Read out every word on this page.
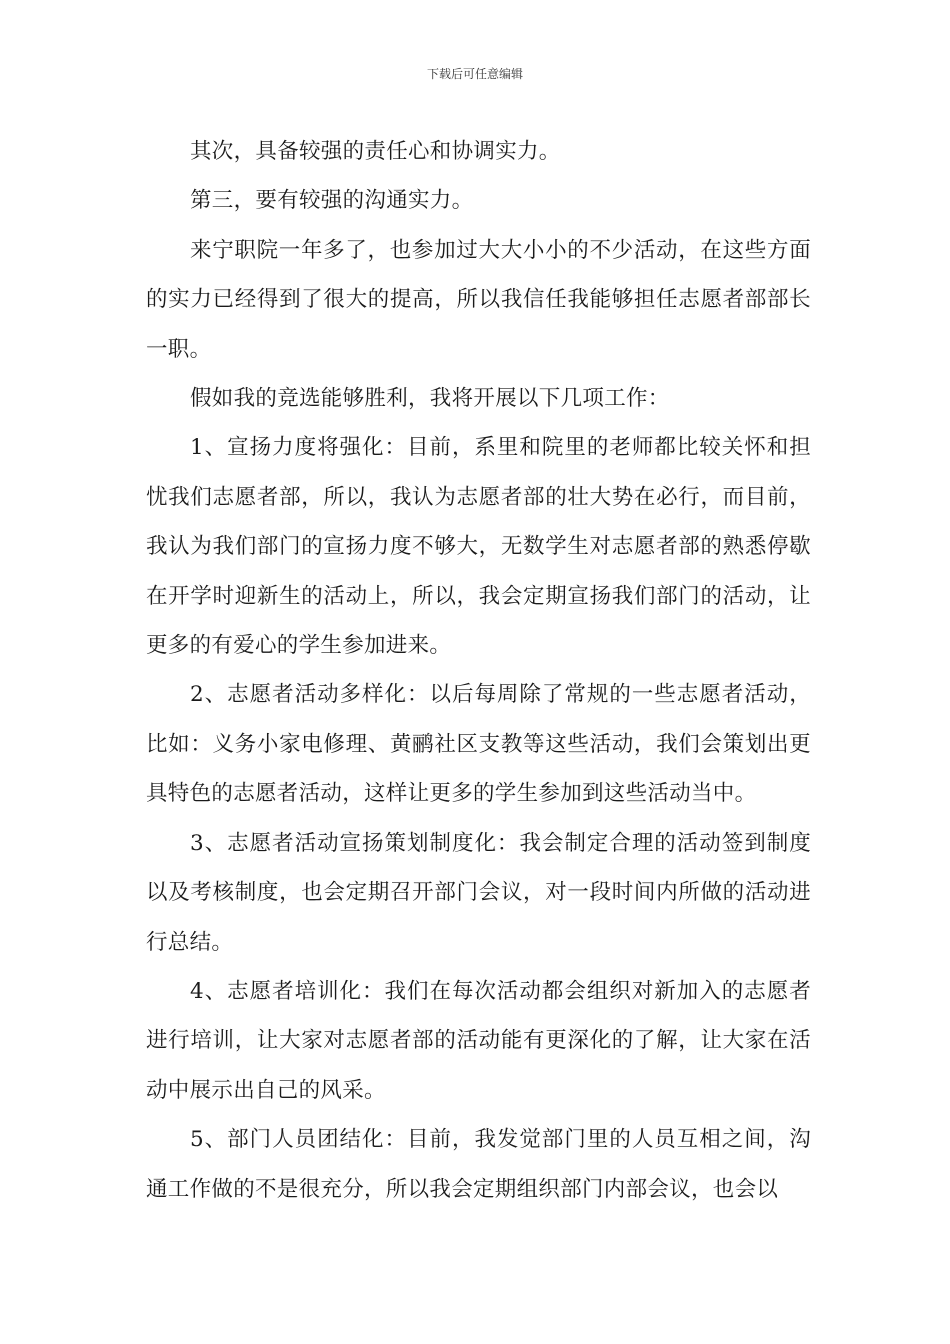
下载后可任意编辑

其次，具备较强的责任心和协调实力。

第三，要有较强的沟通实力。

来宁职院一年多了，也参加过大大小小的不少活动，在这些方面的实力已经得到了很大的提高，所以我信任我能够担任志愿者部部长一职。

假如我的竞选能够胜利，我将开展以下几项工作：

1、宣扬力度将强化：目前，系里和院里的老师都比较关怀和担忧我们志愿者部，所以，我认为志愿者部的壮大势在必行，而目前，我认为我们部门的宣扬力度不够大，无数学生对志愿者部的熟悉停歇在开学时迎新生的活动上，所以，我会定期宣扬我们部门的活动，让更多的有爱心的学生参加进来。

2、志愿者活动多样化：以后每周除了常规的一些志愿者活动，比如：义务小家电修理、黄鹂社区支教等这些活动，我们会策划出更具特色的志愿者活动，这样让更多的学生参加到这些活动当中。

3、志愿者活动宣扬策划制度化：我会制定合理的活动签到制度以及考核制度，也会定期召开部门会议，对一段时间内所做的活动进行总结。

4、志愿者培训化：我们在每次活动都会组织对新加入的志愿者进行培训，让大家对志愿者部的活动能有更深化的了解，让大家在活动中展示出自己的风采。

5、部门人员团结化：目前，我发觉部门里的人员互相之间，沟通工作做的不是很充分，所以我会定期组织部门内部会议，也会以
